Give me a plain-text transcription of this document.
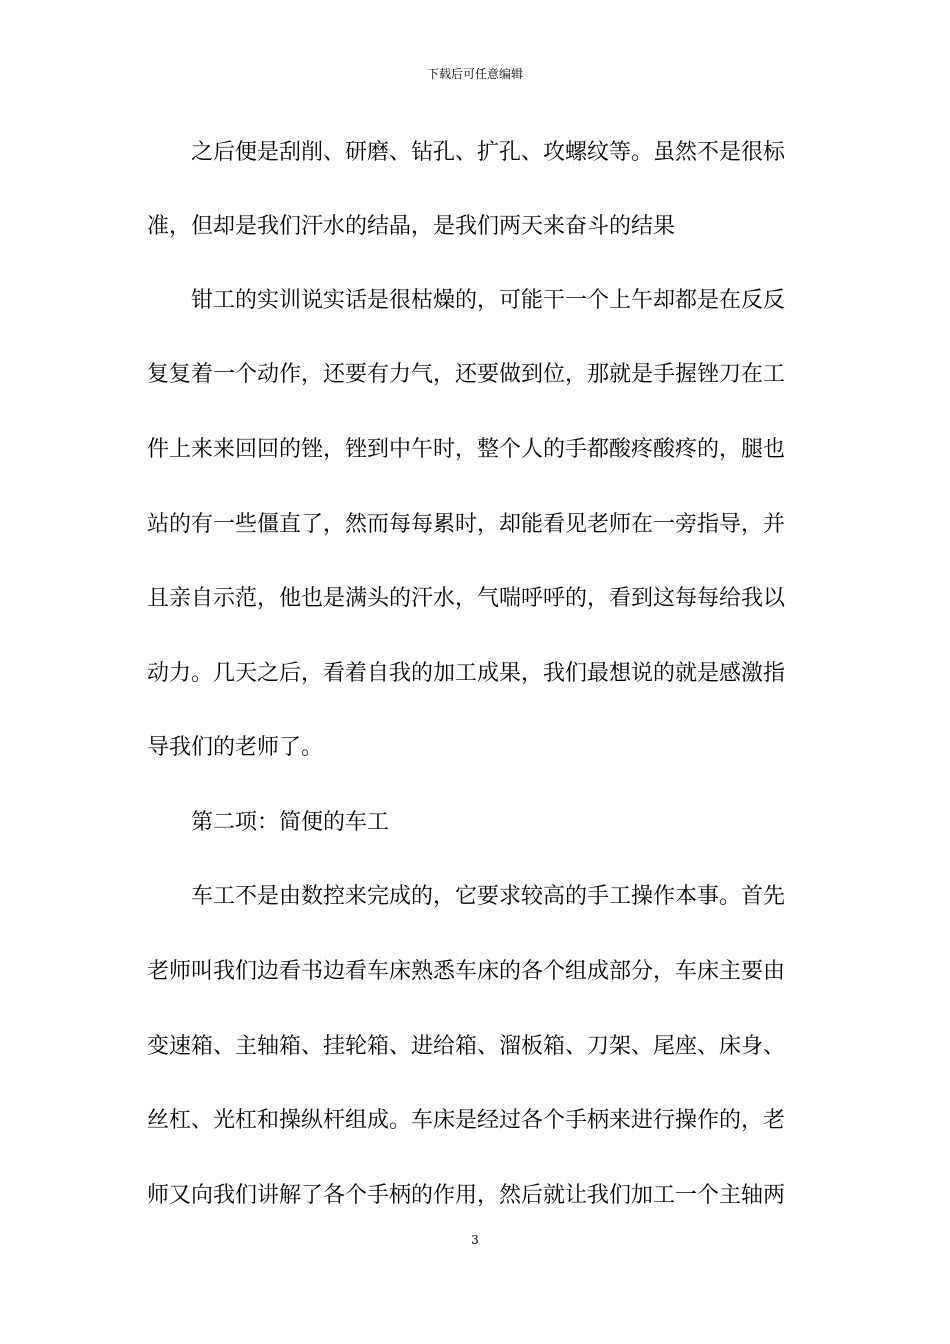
下载后可任意编辑
之后便是刮削、研磨、钻孔、扩孔、攻螺纹等。虽然不是很标
准，但却是我们汗水的结晶，是我们两天来奋斗的结果
钳工的实训说实话是很枯燥的，可能干一个上午却都是在反反
复复着一个动作，还要有力气，还要做到位，那就是手握锉刀在工
件上来来回回的锉，锉到中午时，整个人的手都酸疼酸疼的，腿也
站的有一些僵直了，然而每每累时，却能看见老师在一旁指导，并
且亲自示范，他也是满头的汗水，气喘呼呼的，看到这每每给我以
动力。几天之后，看着自我的加工成果，我们最想说的就是感激指
导我们的老师了。
第二项：简便的车工
车工不是由数控来完成的，它要求较高的手工操作本事。首先
老师叫我们边看书边看车床熟悉车床的各个组成部分，车床主要由
变速箱、主轴箱、挂轮箱、进给箱、溜板箱、刀架、尾座、床身、
丝杠、光杠和操纵杆组成。车床是经过各个手柄来进行操作的，老
师又向我们讲解了各个手柄的作用，然后就让我们加工一个主轴两
3
